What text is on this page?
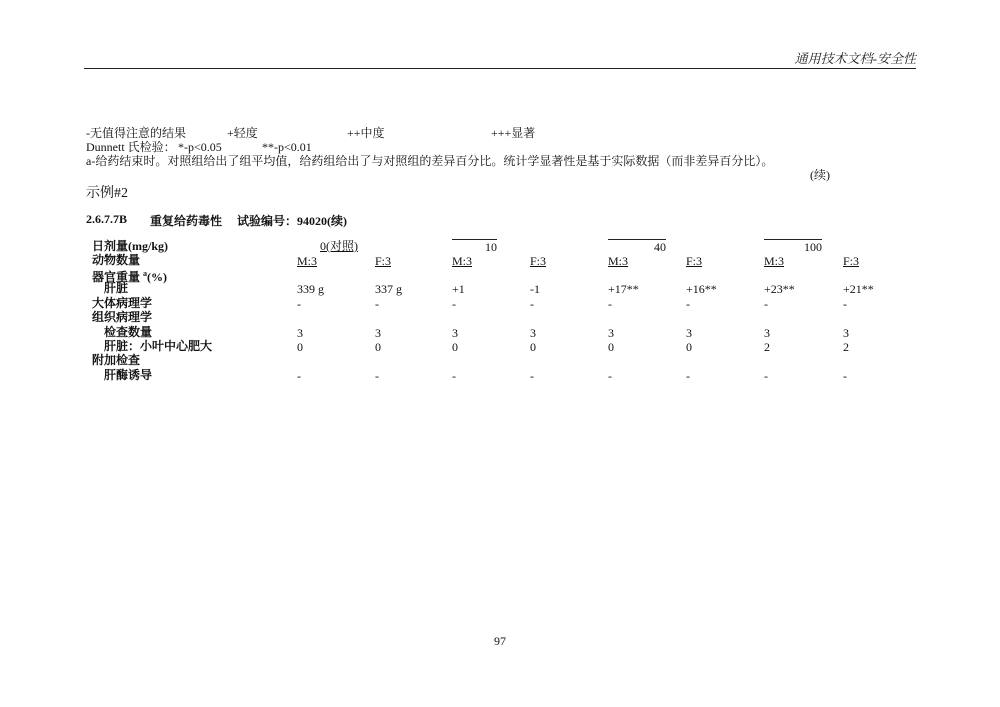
通用技术文档-安全性
-无值得注意的结果	+轻度	++中度	+++显著
Dunnett 氏检验： *-p<0.05	**-p<0.01
a-给药结束时。对照组给出了组平均值，给药组给出了与对照组的差异百分比。统计学显著性是基于实际数据（而非差异百分比）。
(续)
示例#2
2.6.7.7B 重复给药毒性 试验编号：94020(续)
日剂量(mg/kg)	0(对照)	10	40	100
动物数量	M:3	F:3	M:3	F:3	M:3	F:3	M:3	F:3
器官重量 $^a$(%)
肝脏	339 g	337 g	+1	-1	+17**	+16**	+23**	+21**
大体病理学	-	-	-	-	-	-	-	-
组织病理学
检查数量	3	3	3	3	3	3	3	3
肝脏：小叶中心肥大	0	0	0	0	0	0	2	2
附加检查
肝酶诱导	-	-	-	-	-	-	-	-
97
